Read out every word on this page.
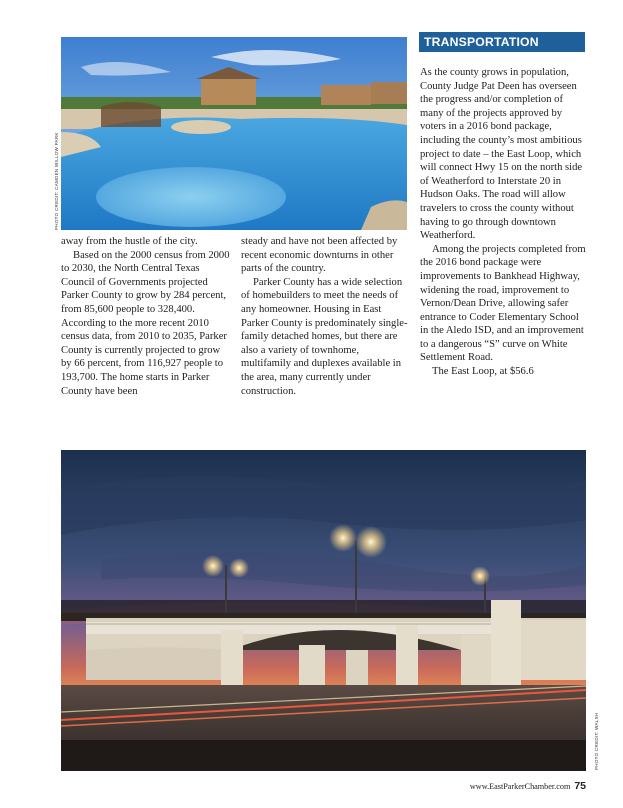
PHOTO CREDIT: CAMDEN WILLOW PARK
TRANSPORTATION

away from the hustle of the city.

Based on the 2000 census from 2000 to 2030, the North Central Texas Council of Governments projected Parker County to grow by 284 percent, from 85,600 people to 328,400. According to the more recent 2010 census data, from 2010 to 2035, Parker County is currently projected to grow by 66 percent, from 116,927 people to 193,700. The home starts in Parker County have been

steady and have not been affected by recent economic downturns in other parts of the country.

Parker County has a wide selection of homebuilders to meet the needs of any homeowner. Housing in East Parker County is predominately single-family detached homes, but there are also a variety of townhome, multifamily and duplexes available in the area, many currently under construction.

As the county grows in population, County Judge Pat Deen has overseen the progress and/or completion of many of the projects approved by voters in a 2016 bond package, including the county’s most ambitious project to date – the East Loop, which will connect Hwy 15 on the north side of Weatherford to Interstate 20 in Hudson Oaks. The road will allow travelers to cross the county without having to go through downtown Weatherford.

Among the projects completed from the 2016 bond package were improvements to Bankhead Highway, widening the road, improvement to Vernon/Dean Drive, allowing safer entrance to Coder Elementary School in the Aledo ISD, and an improvement to a dangerous “S” curve on White Settlement Road.

The East Loop, at $56.6

PHOTO CREDIT: WALSH
www.EastParkerChamber.com 75
